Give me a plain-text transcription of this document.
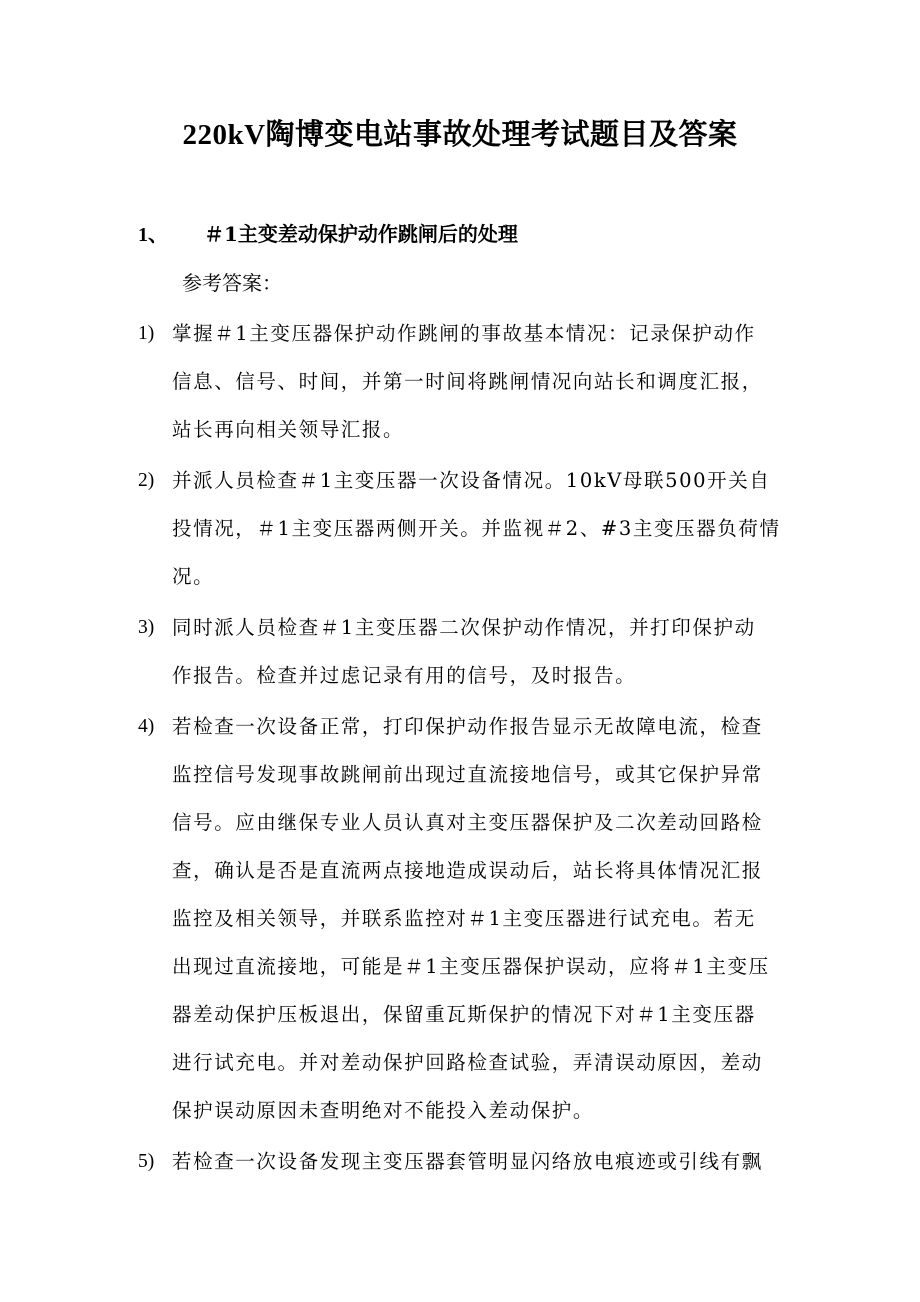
220kV陶博变电站事故处理考试题目及答案
1、 ＃1主变差动保护动作跳闸后的处理
参考答案：
1) 掌握＃1主变压器保护动作跳闸的事故基本情况：记录保护动作
信息、信号、时间，并第一时间将跳闸情况向站长和调度汇报，
站长再向相关领导汇报。
2) 并派人员检查＃1主变压器一次设备情况。10kV母联500开关自
投情况，＃1主变压器两侧开关。并监视＃2、#3主变压器负荷情
况。
3) 同时派人员检查＃1主变压器二次保护动作情况，并打印保护动
作报告。检查并过虑记录有用的信号，及时报告。
4) 若检查一次设备正常，打印保护动作报告显示无故障电流，检查
监控信号发现事故跳闸前出现过直流接地信号，或其它保护异常
信号。应由继保专业人员认真对主变压器保护及二次差动回路检
查，确认是否是直流两点接地造成误动后，站长将具体情况汇报
监控及相关领导，并联系监控对＃1主变压器进行试充电。若无
出现过直流接地，可能是＃1主变压器保护误动，应将＃1主变压
器差动保护压板退出，保留重瓦斯保护的情况下对＃1主变压器
进行试充电。并对差动保护回路检查试验，弄清误动原因，差动
保护误动原因未查明绝对不能投入差动保护。
5) 若检查一次设备发现主变压器套管明显闪络放电痕迹或引线有飘
